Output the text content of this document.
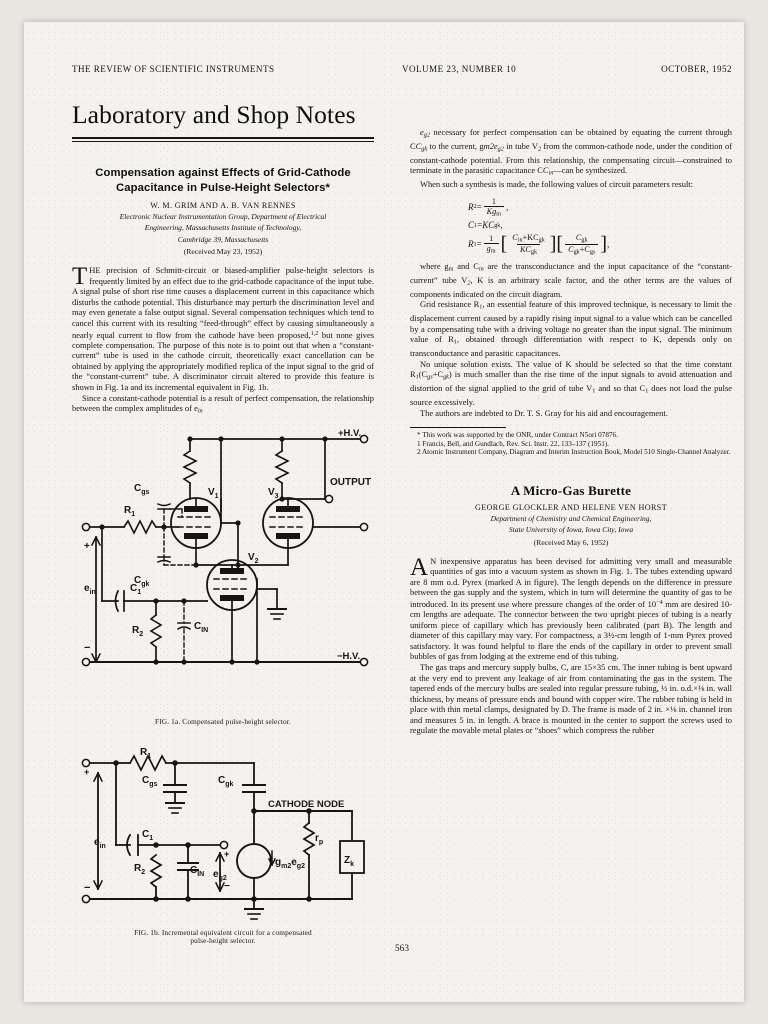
THE REVIEW OF SCIENTIFIC INSTRUMENTS	VOLUME 23, NUMBER 10	OCTOBER, 1952
Laboratory and Shop Notes
Compensation against Effects of Grid-Cathode
Capacitance in Pulse-Height Selectors*
W. M. GRIM AND A. B. VAN RENNES
Electronic Nuclear Instrumentation Group, Department of Electrical
Engineering, Massachusetts Institute of Technology,
Cambridge 39, Massachusetts
(Received May 23, 1952)

THE precision of Schmitt-circuit or biased-amplifier pulse-height selectors is frequently limited by an effect due to the grid-cathode capacitance of the input tube. A signal pulse of short rise time causes a displacement current in this capacitance which disturbs the cathode potential. This disturbance may perturb the discrimination level and may even generate a false output signal. Several compensation techniques which tend to cancel this current with its resulting “feed-through” effect by causing simultaneously a nearly equal current to flow from the cathode have been proposed,$^{1,2}$ but none gives complete compensation. The purpose of this note is to point out that when a “constant-current” tube is used in the cathode circuit, theoretically exact cancellation can be obtained by applying the appropriately modified replica of the input signal to the grid of the “constant-current” tube. A discriminator circuit altered to provide this feature is shown in Fig. 1a and its incremental equivalent in Fig. 1b.

Since a constant-cathode potential is a result of perfect compensation, the relationship between the complex amplitudes of $e_{in}$

+H.V.
−H.V.
OUTPUT
$V_1$
$V_2$
$V_3$
$C_{gs}$
$C_{gk}$
$R_1$
$R_2$
$C_1$
$C_{IN}$
$e_{in}$
+
−
FIG. 1a. Compensated pulse-height selector.
CATHODE NODE
$R_1$
$R_2$
$C_{gs}$	$C_{gk}$
$C_1$
$C_{IN}$
$e_{in}$
$e_{g2}$
$g_{m2}e_{g2}$
$r_p$
$Z_k$
+
−
+
−
FIG. 1b. Incremental equivalent circuit for a compensated
pulse-height selector.

$e_{g2}$ necessary for perfect compensation can be obtained by equating the current through $CC_{gk}$ to the current, $gm2e_{g2}$ in tube $V_2$ from the common-cathode node, under the condition of constant-cathode potential. From this relationship, the compensating circuit—constrained to terminate in the parasitic capacitance $CC_{in}—can$ be synthesized.

When such a synthesis is made, the following values of circuit parameters result:

R $2 = \frac{1}{Kg_m}$ ,
C 1 = KC gk ,
R $1 = \frac{1}{g_m}$ [ $\frac{C_{in}+KC_{gk}}{KC_{gk}}$ ] [ $\frac{C_{gk}}{C_{gk}+C_{gs}}$ ] ,

where $g_m$ and $C_{in}$ are the transconductance and the input capacitance of the “constant-current” tube $V_2$, K is an arbitrary scale factor, and the other terms are the values of components indicated on the circuit diagram.

Grid resistance $R_1$, an essential feature of this improved technique, is necessary to limit the displacement current caused by a rapidly rising input signal to a value which can be cancelled by a compensating tube with a driving voltage no greater than the input signal. The minimum value of $R_1$, obtained through differentiation with respect to K, depends only on transconductance and parasitic capacitances.

No unique solution exists. The value of K should be selected so that the time constant $R_1(C_{gs}+C_{gk})$ is much smaller than the rise time of the input signals to avoid attenuation and distortion of the signal applied to the grid of tube $V_1$ and so that $C_1$ does not load the pulse source excessively.

The authors are indebted to Dr. T. S. Gray for his aid and encouragement.

* This work was supported by the ONR, under Contract N5ori 07876.

1 Francis, Bell, and Gundlach, Rev. Sci. Instr. 22, 133–137 (1951).

2 Atomic Instrument Company, Diagram and Interim Instruction Book, Model 510 Single-Channel Analyzer.

A Micro-Gas Burette
GEORGE GLOCKLER AND HELENE VEN HORST
Department of Chemistry and Chemical Engineering,
State University of Iowa, Iowa City, Iowa
(Received May 6, 1952)

A N inexpensive apparatus has been devised for admitting very small and measurable quantities of gas into a vacuum system as shown in Fig. 1. The tubes extending upward are 8 mm o.d. Pyrex (marked A in figure). The length depends on the difference in pressure between the gas supply and the system, which in turn will determine the quantity of gas to be introduced. In its present use where pressure changes of the order of $10^{-4}$ mm are desired 10-cm lengths are adequate. The connector between the two upright pieces of tubing is a nearly uniform piece of capillary which has previously been calibrated (part B). The length and diameter of this capillary may vary. For compactness, a 3½-cm length of 1-mm Pyrex proved satisfactory. It was found helpful to flare the ends of the capillary in order to prevent small bubbles of gas from lodging at the extreme end of this tubing.

The gas traps and mercury supply bulbs, C, are 15×35 cm. The inner tubing is bent upward at the very end to prevent any leakage of air from contaminating the gas in the system. The tapered ends of the mercury bulbs are sealed into regular pressure tubing, ½ in. o.d.×⅛ in. wall thickness, by means of pressure ends and bound with copper wire. The rubber tubing is held in place with thin metal clamps, designated by D. The frame is made of 2 in. ×⅛ in. channel iron and measures 5 in. in length. A brace is mounted in the center to support the screws used to regulate the movable metal plates or “shoes” which compress the rubber

563
